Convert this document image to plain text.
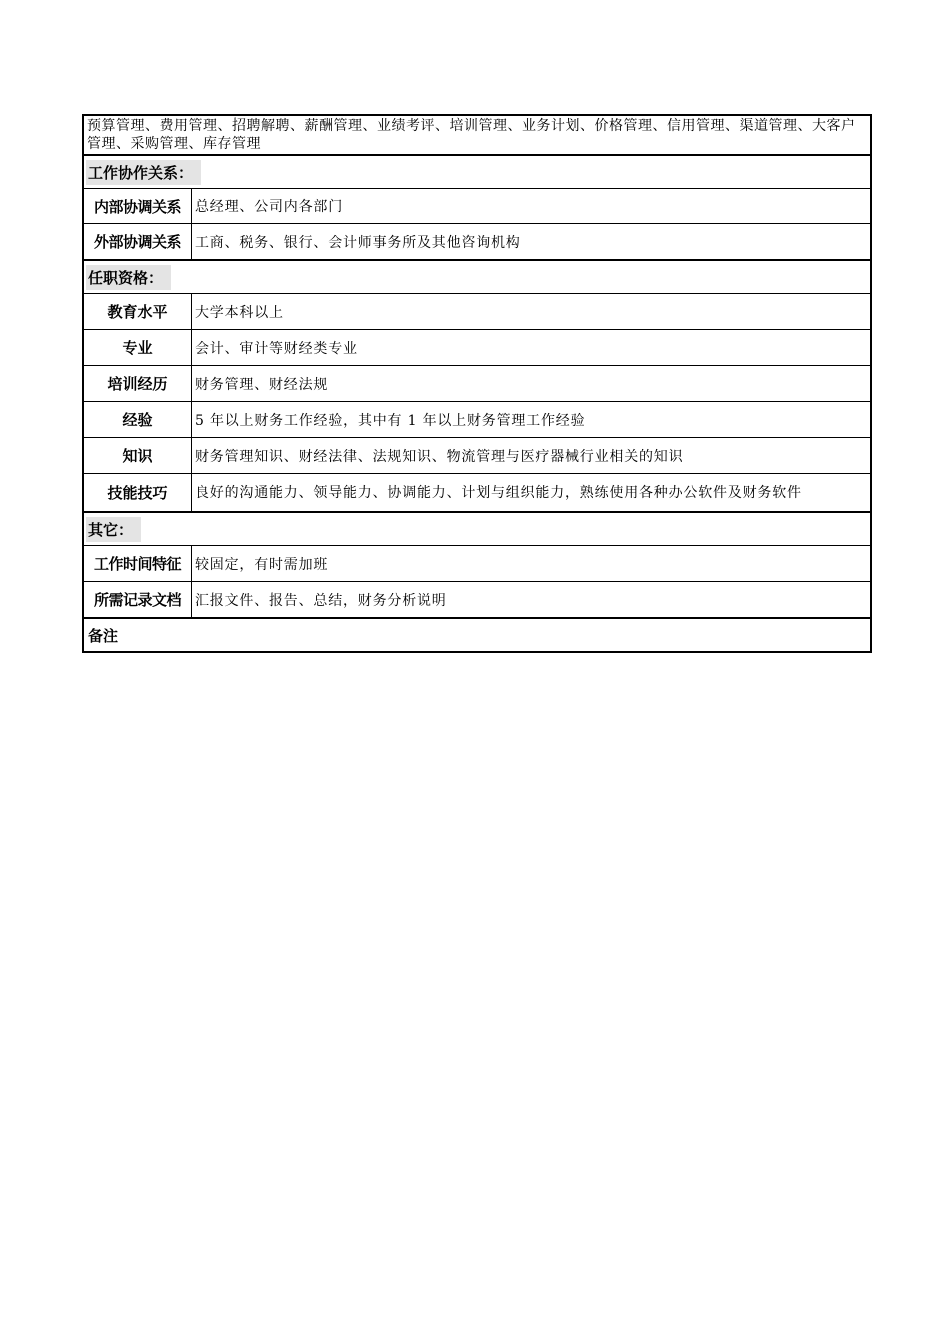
预算管理、费用管理、招聘解聘、薪酬管理、业绩考评、培训管理、业务计划、价格管理、信用管理、渠道管理、大客户管理、采购管理、库存管理
工作协作关系：
内部协调关系	总经理、公司内各部门
外部协调关系	工商、税务、银行、会计师事务所及其他咨询机构
任职资格：
教育水平	大学本科以上
专业	会计、审计等财经类专业
培训经历	财务管理、财经法规
经验	5 年以上财务工作经验，其中有 1 年以上财务管理工作经验
知识	财务管理知识、财经法律、法规知识、物流管理与医疗器械行业相关的知识
技能技巧	良好的沟通能力、领导能力、协调能力、计划与组织能力，熟练使用各种办公软件及财务软件
其它：
工作时间特征	较固定，有时需加班
所需记录文档	汇报文件、报告、总结，财务分析说明
备注
